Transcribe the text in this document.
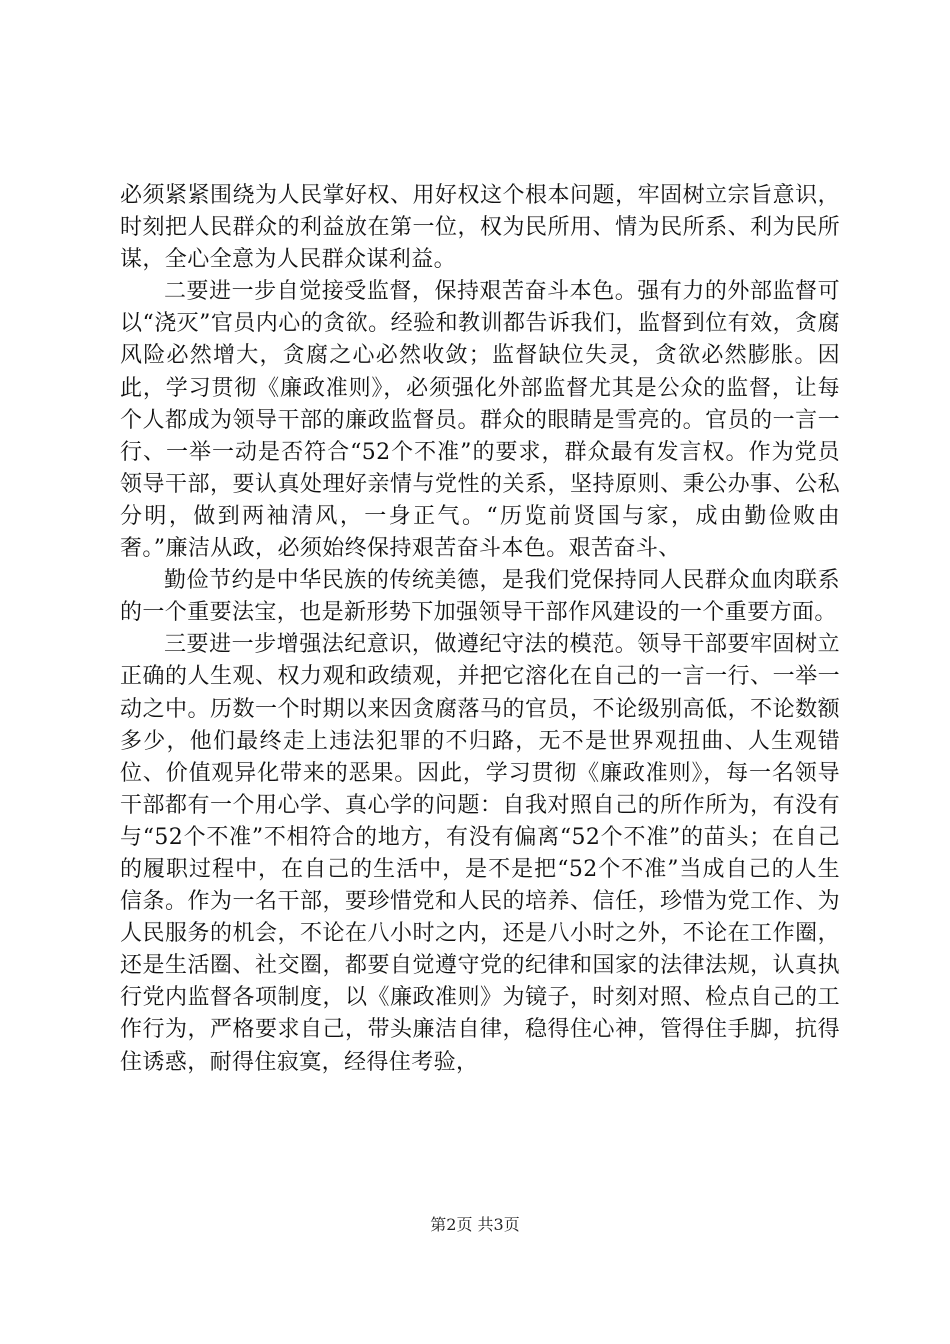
必须紧紧围绕为人民掌好权、用好权这个根本问题，牢固树立宗旨意识，时刻把人民群众的利益放在第一位，权为民所用、情为民所系、利为民所谋，全心全意为人民群众谋利益。

二要进一步自觉接受监督，保持艰苦奋斗本色。强有力的外部监督可以“浇灭”官员内心的贪欲。经验和教训都告诉我们，监督到位有效，贪腐风险必然增大，贪腐之心必然收敛；监督缺位失灵，贪欲必然膨胀。因此，学习贯彻《廉政准则》，必须强化外部监督尤其是公众的监督，让每个人都成为领导干部的廉政监督员。群众的眼睛是雪亮的。官员的一言一行、一举一动是否符合“52个不准”的要求，群众最有发言权。作为党员领导干部，要认真处理好亲情与党性的关系，坚持原则、秉公办事、公私分明，做到两袖清风，一身正气。“历览前贤国与家，成由勤俭败由奢。”廉洁从政，必须始终保持艰苦奋斗本色。艰苦奋斗、

勤俭节约是中华民族的传统美德，是我们党保持同人民群众血肉联系的一个重要法宝，也是新形势下加强领导干部作风建设的一个重要方面。

三要进一步增强法纪意识，做遵纪守法的模范。领导干部要牢固树立正确的人生观、权力观和政绩观，并把它溶化在自己的一言一行、一举一动之中。历数一个时期以来因贪腐落马的官员，不论级别高低，不论数额多少，他们最终走上违法犯罪的不归路，无不是世界观扭曲、人生观错位、价值观异化带来的恶果。因此，学习贯彻《廉政准则》，每一名领导干部都有一个用心学、真心学的问题：自我对照自己的所作所为，有没有与“52个不准”不相符合的地方，有没有偏离“52个不准”的苗头；在自己的履职过程中，在自己的生活中，是不是把“52个不准”当成自己的人生信条。作为一名干部，要珍惜党和人民的培养、信任，珍惜为党工作、为人民服务的机会，不论在八小时之内，还是八小时之外，不论在工作圈，还是生活圈、社交圈，都要自觉遵守党的纪律和国家的法律法规，认真执行党内监督各项制度，以《廉政准则》为镜子，时刻对照、检点自己的工作行为，严格要求自己，带头廉洁自律，稳得住心神，管得住手脚，抗得住诱惑，耐得住寂寞，经得住考验，

第2页 共3页
